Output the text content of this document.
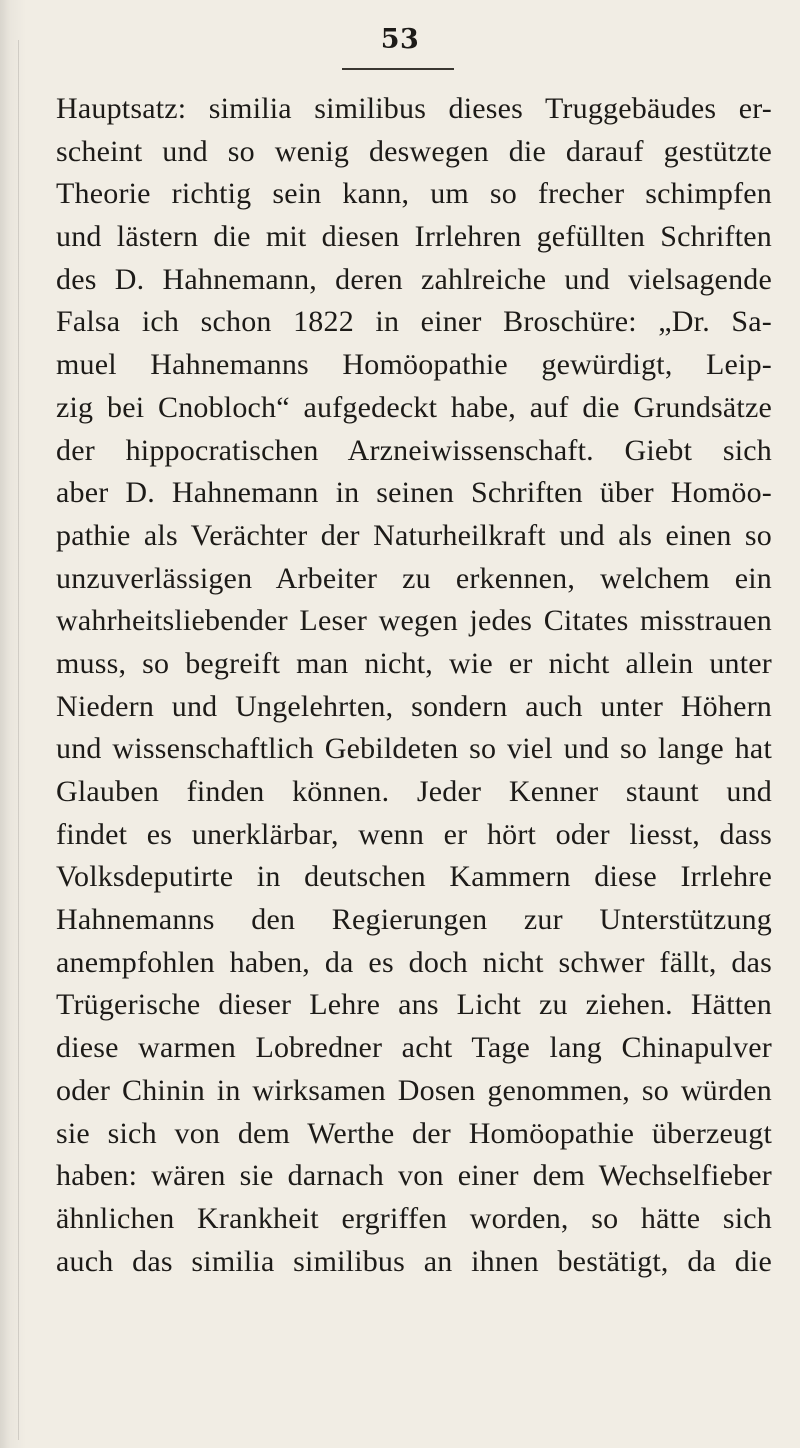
53
Hauptsatz: similia similibus dieses Truggebäudes er-
scheint und so wenig deswegen die darauf gestützte
Theorie richtig sein kann, um so frecher schimpfen
und lästern die mit diesen Irrlehren gefüllten Schriften
des D. Hahnemann, deren zahlreiche und vielsagende
Falsa ich schon 1822 in einer Broschüre: „Dr. Sa-
muel Hahnemanns Homöopathie gewürdigt, Leip-
zig bei Cnobloch“ aufgedeckt habe, auf die Grundsätze
der hippocratischen Arzneiwissenschaft. Giebt sich
aber D. Hahnemann in seinen Schriften über Homöo-
pathie als Verächter der Naturheilkraft und als einen so
unzuverlässigen Arbeiter zu erkennen, welchem ein
wahrheitsliebender Leser wegen jedes Citates misstrauen
muss, so begreift man nicht, wie er nicht allein unter
Niedern und Ungelehrten, sondern auch unter Höhern
und wissenschaftlich Gebildeten so viel und so lange hat
Glauben finden können. Jeder Kenner staunt und
findet es unerklärbar, wenn er hört oder liesst, dass
Volksdeputirte in deutschen Kammern diese Irrlehre
Hahnemanns den Regierungen zur Unterstützung
anempfohlen haben, da es doch nicht schwer fällt, das
Trügerische dieser Lehre ans Licht zu ziehen. Hätten
diese warmen Lobredner acht Tage lang Chinapulver
oder Chinin in wirksamen Dosen genommen, so würden
sie sich von dem Werthe der Homöopathie überzeugt
haben: wären sie darnach von einer dem Wechselfieber
ähnlichen Krankheit ergriffen worden, so hätte sich
auch das similia similibus an ihnen bestätigt, da die
